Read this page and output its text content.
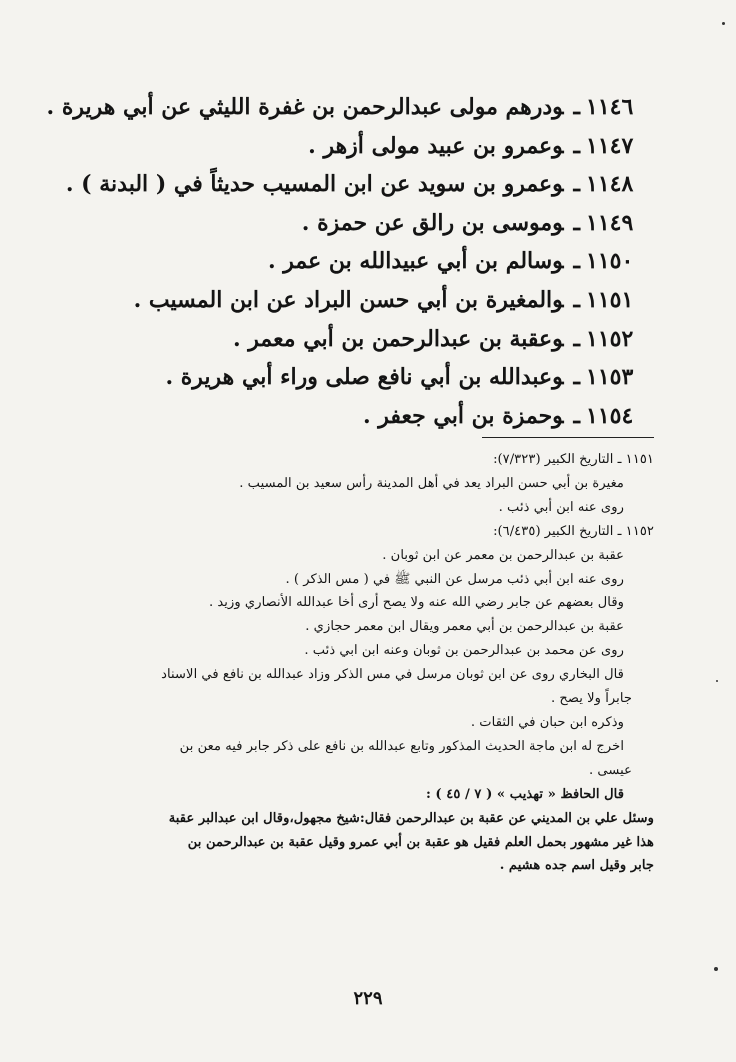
١١٤٦ـودرهم مولى عبدالرحمن بن غفرة الليثي عن أبي هريرة .
١١٤٧ـوعمرو بن عبيد مولى أزهر .
١١٤٨ـوعمرو بن سويد عن ابن المسيب حديثاً في ( البدنة ) .
١١٤٩ـوموسى بن رالق عن حمزة .
١١٥٠ـوسالم بن أبي عبيدالله بن عمر .
١١٥١ـوالمغيرة بن أبي حسن البراد عن ابن المسيب .
١١٥٢ـوعقبة بن عبدالرحمن بن أبي معمر .
١١٥٣ـوعبدالله بن أبي نافع صلى وراء أبي هريرة .
١١٥٤ـوحمزة بن أبي جعفر .
١١٥١ ـ التاريخ الكبير (٧/٣٢٣):
مغيرة بن أبي حسن البراد يعد في أهل المدينة رأس سعيد بن المسيب .
روى عنه ابن أبي ذئب .
١١٥٢ ـ التاريخ الكبير (٦/٤٣٥):
عقبة بن عبدالرحمن بن معمر عن ابن ثوبان .
روى عنه ابن أبي ذئب مرسل عن النبي ﷺ في ( مس الذكر ) .
وقال بعضهم عن جابر رضي الله عنه ولا يصح أرى أخا عبدالله الأنصاري وزيد .
عقبة بن عبدالرحمن بن أبي معمر ويقال ابن معمر حجازي .
روى عن محمد بن عبدالرحمن بن ثوبان وعنه ابن ابي ذئب .
قال البخاري روى عن ابن ثوبان مرسل في مس الذكر وزاد عبدالله بن نافع في الاسناد
جابراً ولا يصح .
وذكره ابن حبان في الثقات .
اخرج له ابن ماجة الحديث المذكور وتابع عبدالله بن نافع على ذكر جابر فيه معن بن
عيسى .
قال الحافظ « تهذيب » ( ٧ / ٤٥ ) :
وسئل علي بن المديني عن عقبة بن عبدالرحمن فقال:شيخ مجهول،وقال ابن عبدالبر عقبة
هذا غير مشهور بحمل العلم فقيل هو عقبة بن أبي عمرو وقيل عقبة بن عبدالرحمن بن
جابر وقيل اسم جده هشيم .
٢٢٩
